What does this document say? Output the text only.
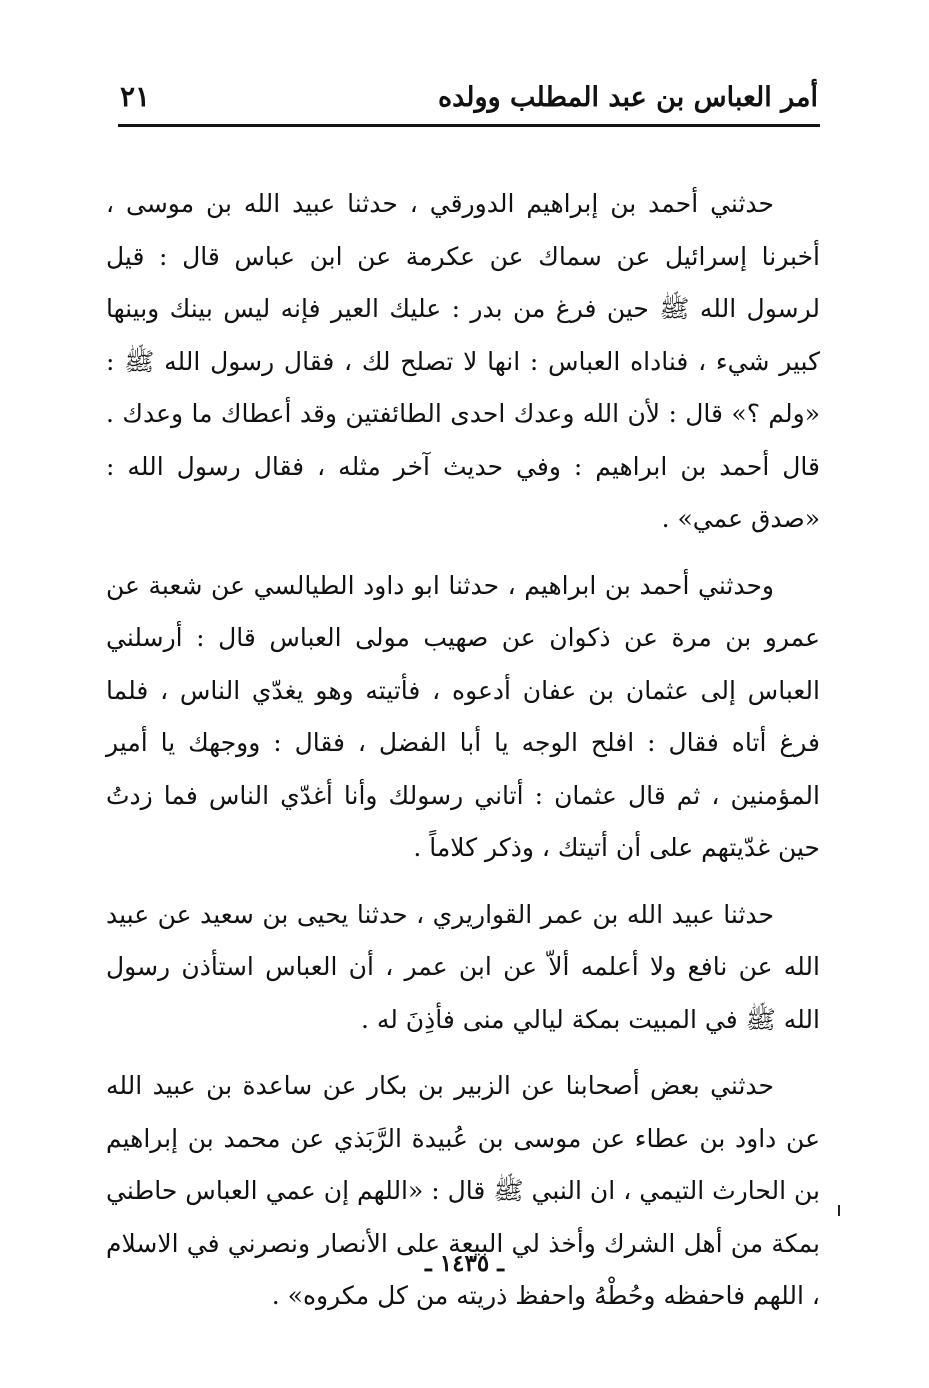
أمر العباس بن عبد المطلب وولده
٢١

حدثني أحمد بن إبراهيم الدورقي ، حدثنا عبيد الله بن موسى ، أخبرنا إسرائيل عن سماك عن عكرمة عن ابن عباس قال : قيل لرسول الله ﷺ حين فرغ من بدر : عليك العير فإنه ليس بينك وبينها كبير شيء ، فناداه العباس : انها لا تصلح لك ، فقال رسول الله ﷺ : «ولم ؟» قال : لأن الله وعدك احدى الطائفتين وقد أعطاك ما وعدك . قال أحمد بن ابراهيم : وفي حديث آخر مثله ، فقال رسول الله : «صدق عمي» .

وحدثني أحمد بن ابراهيم ، حدثنا ابو داود الطيالسي عن شعبة عن عمرو بن مرة عن ذكوان عن صهيب مولى العباس قال : أرسلني العباس إلى عثمان بن عفان أدعوه ، فأتيته وهو يغدّي الناس ، فلما فرغ أتاه فقال : افلح الوجه يا أبا الفضل ، فقال : ووجهك يا أمير المؤمنين ، ثم قال عثمان : أتاني رسولك وأنا أغدّي الناس فما زدتُ حين غدّيتهم على أن أتيتك ، وذكر كلاماً .

حدثنا عبيد الله بن عمر القواريري ، حدثنا يحيى بن سعيد عن عبيد الله عن نافع ولا أعلمه ألاّ عن ابن عمر ، أن العباس استأذن رسول الله ﷺ في المبيت بمكة ليالي منى فأذِنَ له .

حدثني بعض أصحابنا عن الزبير بن بكار عن ساعدة بن عبيد الله عن داود بن عطاء عن موسى بن عُبيدة الرَّبَذي عن محمد بن إبراهيم بن الحارث التيمي ، ان النبي ﷺ قال : «اللهم إن عمي العباس حاطني بمكة من أهل الشرك وأخذ لي البيعة على الأنصار ونصرني في الاسلام ، اللهم فاحفظه وحُطْهُ واحفظ ذريته من كل مكروه» .

ـ ١٤٣٥ ـ
